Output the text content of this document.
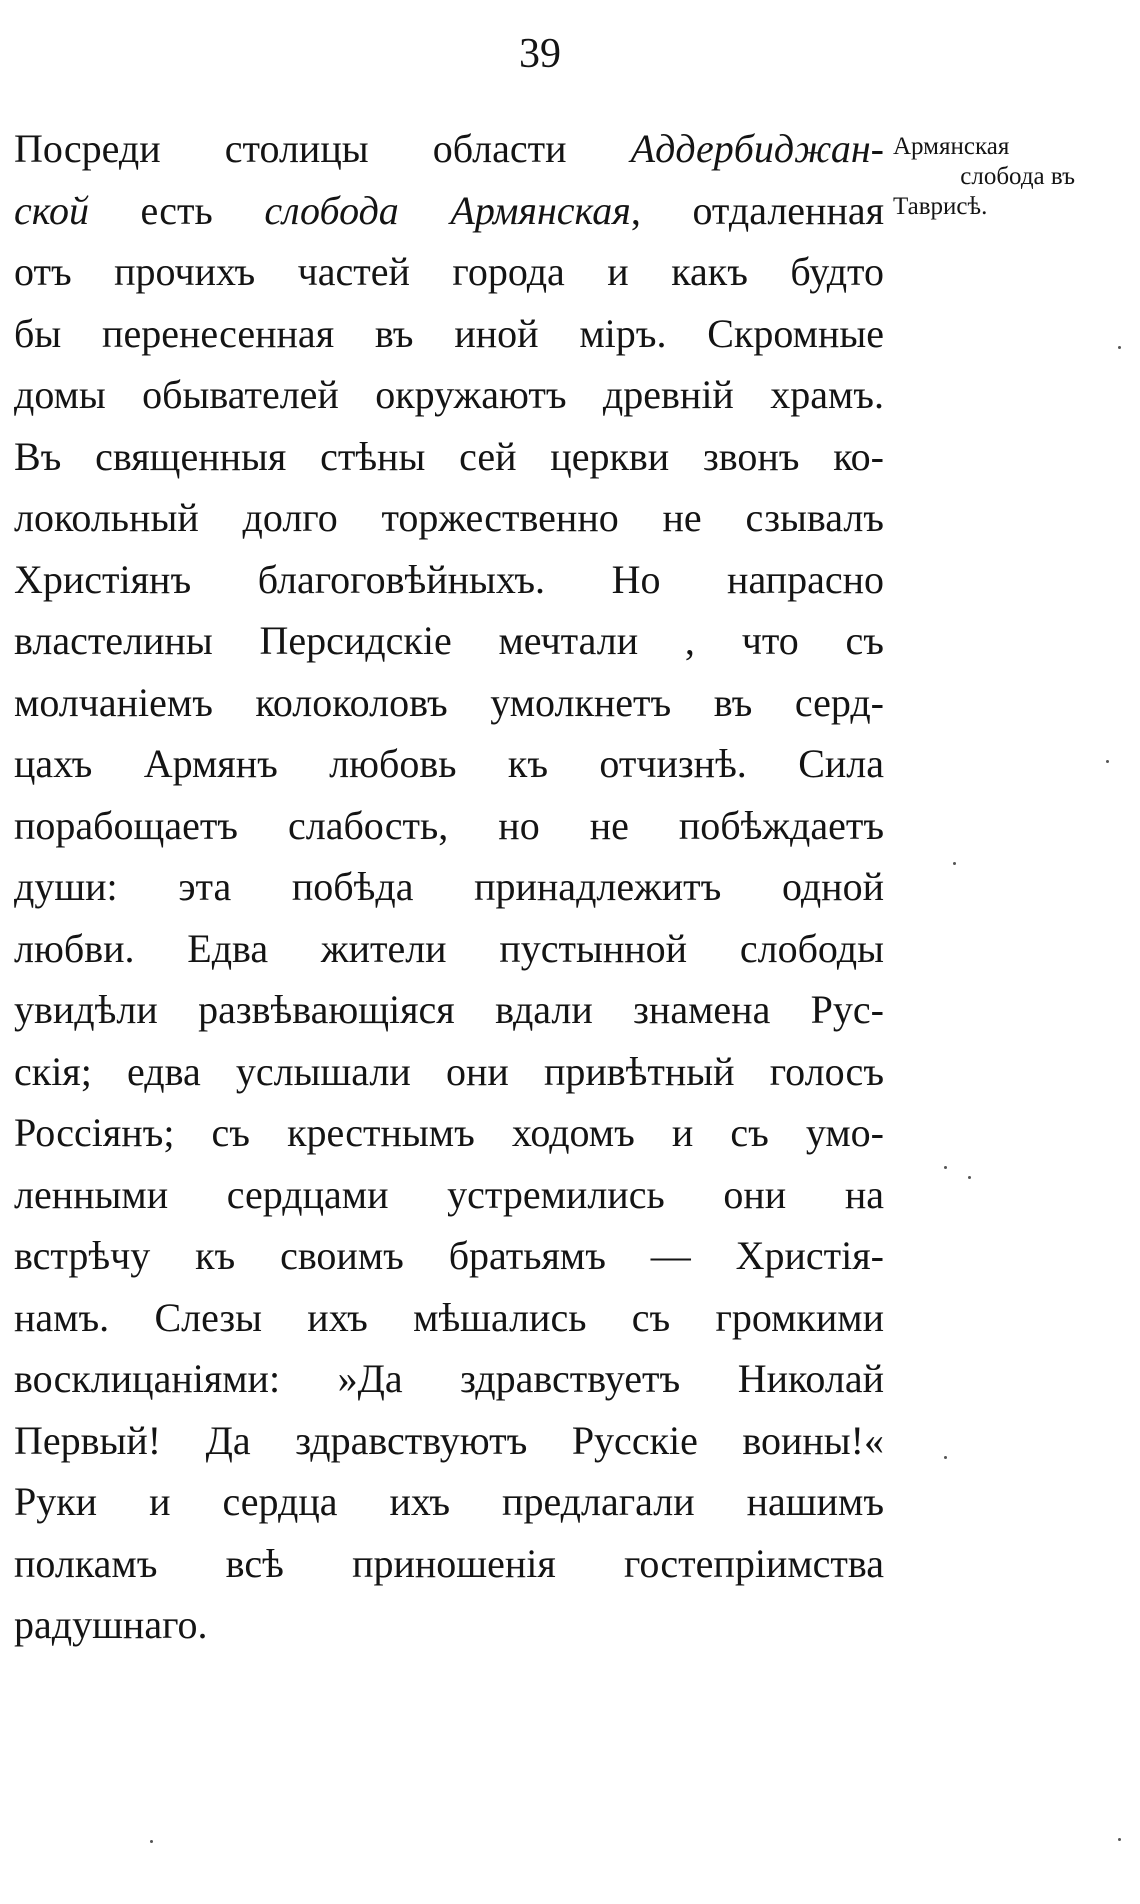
39
Посреди столицы области Аддербиджан-
ской есть слобода Армянская, отдаленная
отъ прочихъ частей города и какъ будто
бы перенесенная въ иной міръ. Скромные
домы обывателей окружаютъ древній храмъ.
Въ священныя стѣны сей церкви звонъ ко-
локольный долго торжественно не сзывалъ
Христіянъ благоговѣйныхъ. Но напрасно
властелины Персидскіе мечтали , что съ
молчаніемъ колоколовъ умолкнетъ въ серд-
цахъ Армянъ любовь къ отчизнѣ. Сила
порабощаетъ слабость, но не побѣждаетъ
души: эта побѣда принадлежитъ одной
любви. Едва жители пустынной слободы
увидѣли развѣвающіяся вдали знамена Рус-
скія; едва услышали они привѣтный голосъ
Россіянъ; съ крестнымъ ходомъ и съ умо-
ленными сердцами устремились они на
встрѣчу къ своимъ братьямъ — Христія-
намъ. Слезы ихъ мѣшались съ громкими
восклицаніями: »Да здравствуетъ Николай
Первый! Да здравствуютъ Русскіе воины!«
Руки и сердца ихъ предлагали нашимъ
полкамъ всѣ приношенія гостепріимства
радушнаго.
Армянская
слобода въ
Таврисѣ.
